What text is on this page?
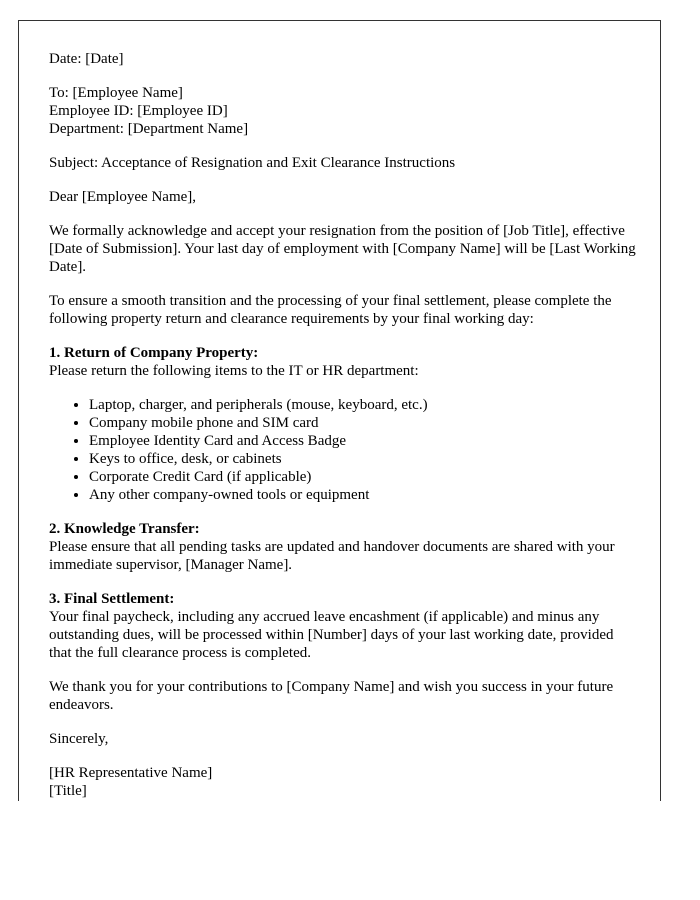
Date: [Date]

To: [Employee Name]
Employee ID: [Employee ID]
Department: [Department Name]

Subject: Acceptance of Resignation and Exit Clearance Instructions

Dear [Employee Name],

We formally acknowledge and accept your resignation from the position of [Job Title], effective [Date of Submission]. Your last day of employment with [Company Name] will be [Last Working Date].

To ensure a smooth transition and the processing of your final settlement, please complete the following property return and clearance requirements by your final working day:

1. Return of Company Property:
Please return the following items to the IT or HR department:

• Laptop, charger, and peripherals (mouse, keyboard, etc.)
• Company mobile phone and SIM card
• Employee Identity Card and Access Badge
• Keys to office, desk, or cabinets
• Corporate Credit Card (if applicable)
• Any other company-owned tools or equipment

2. Knowledge Transfer:
Please ensure that all pending tasks are updated and handover documents are shared with your immediate supervisor, [Manager Name].

3. Final Settlement:
Your final paycheck, including any accrued leave encashment (if applicable) and minus any outstanding dues, will be processed within [Number] days of your last working date, provided that the full clearance process is completed.

We thank you for your contributions to [Company Name] and wish you success in your future endeavors.

Sincerely,

[HR Representative Name]
[Title]
